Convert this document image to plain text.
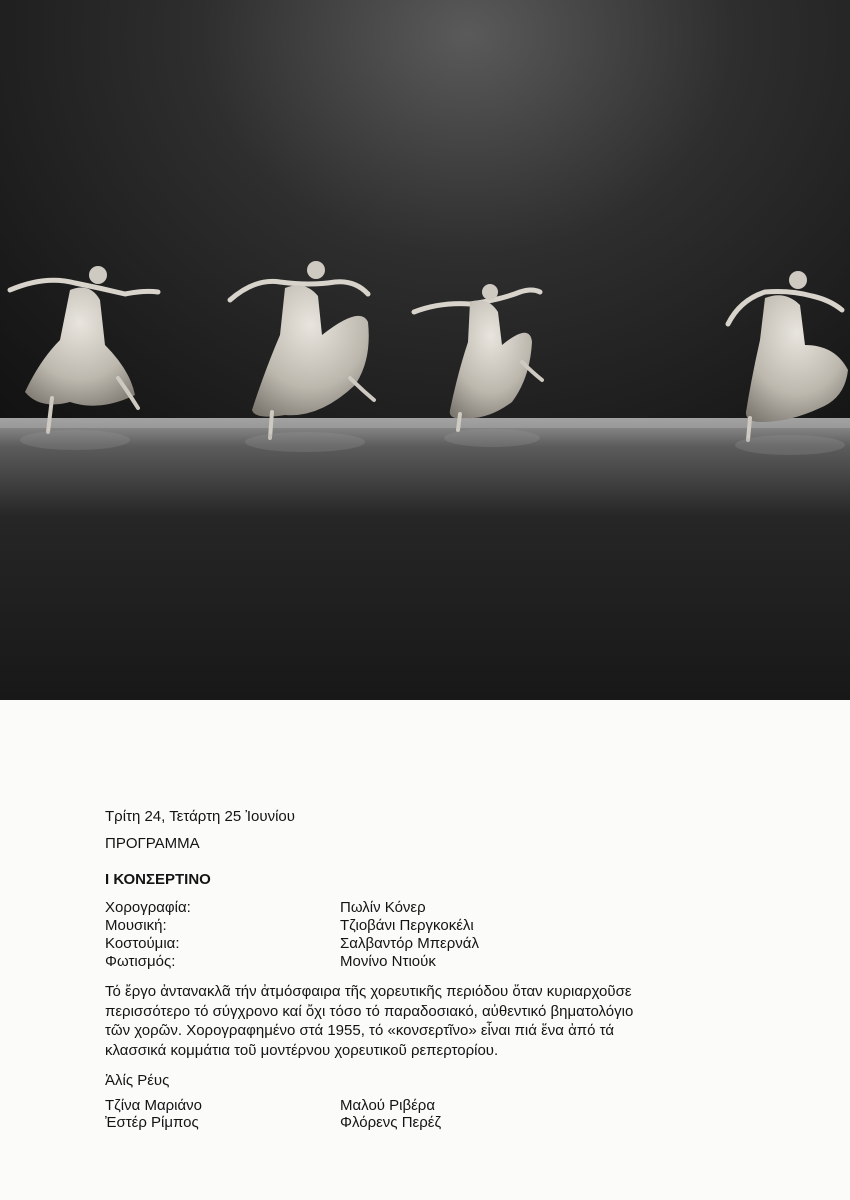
Τρίτη 24, Τετάρτη 25 Ἰουνίου
ΠΡΟΓΡΑΜΜΑ
I ΚΟΝΣΕΡΤΙΝΟ
Χορογραφία:	Πωλίν Κόνερ
Μουσική:	Τζιοβάνι Περγκοκέλι
Κοστούμια:	Σαλβαντόρ Μπερνάλ
Φωτισμός:	Μονίνο Ντιούκ
Τό ἔργο ἀντανακλᾶ τήν ἀτμόσφαιρα τῆς χορευτικῆς περιόδου ὅταν κυριαρχοῦσε
περισσότερο τό σύγχρονο καί ὄχι τόσο τό παραδοσιακό, αὐθεντικό βηματολόγιο
τῶν χορῶν. Χορογραφημένο στά 1955, τό «κονσερτῖνο» εἶναι πιά ἕνα ἀπό τά
κλασσικά κομμάτια τοῦ μοντέρνου χορευτικοῦ ρεπερτορίου.
Ἀλίς Ρέυς
Τζίνα Μαριάνο	Μαλού Ριβέρα
Ἐστέρ Ρίμπος	Φλόρενς Περέζ
